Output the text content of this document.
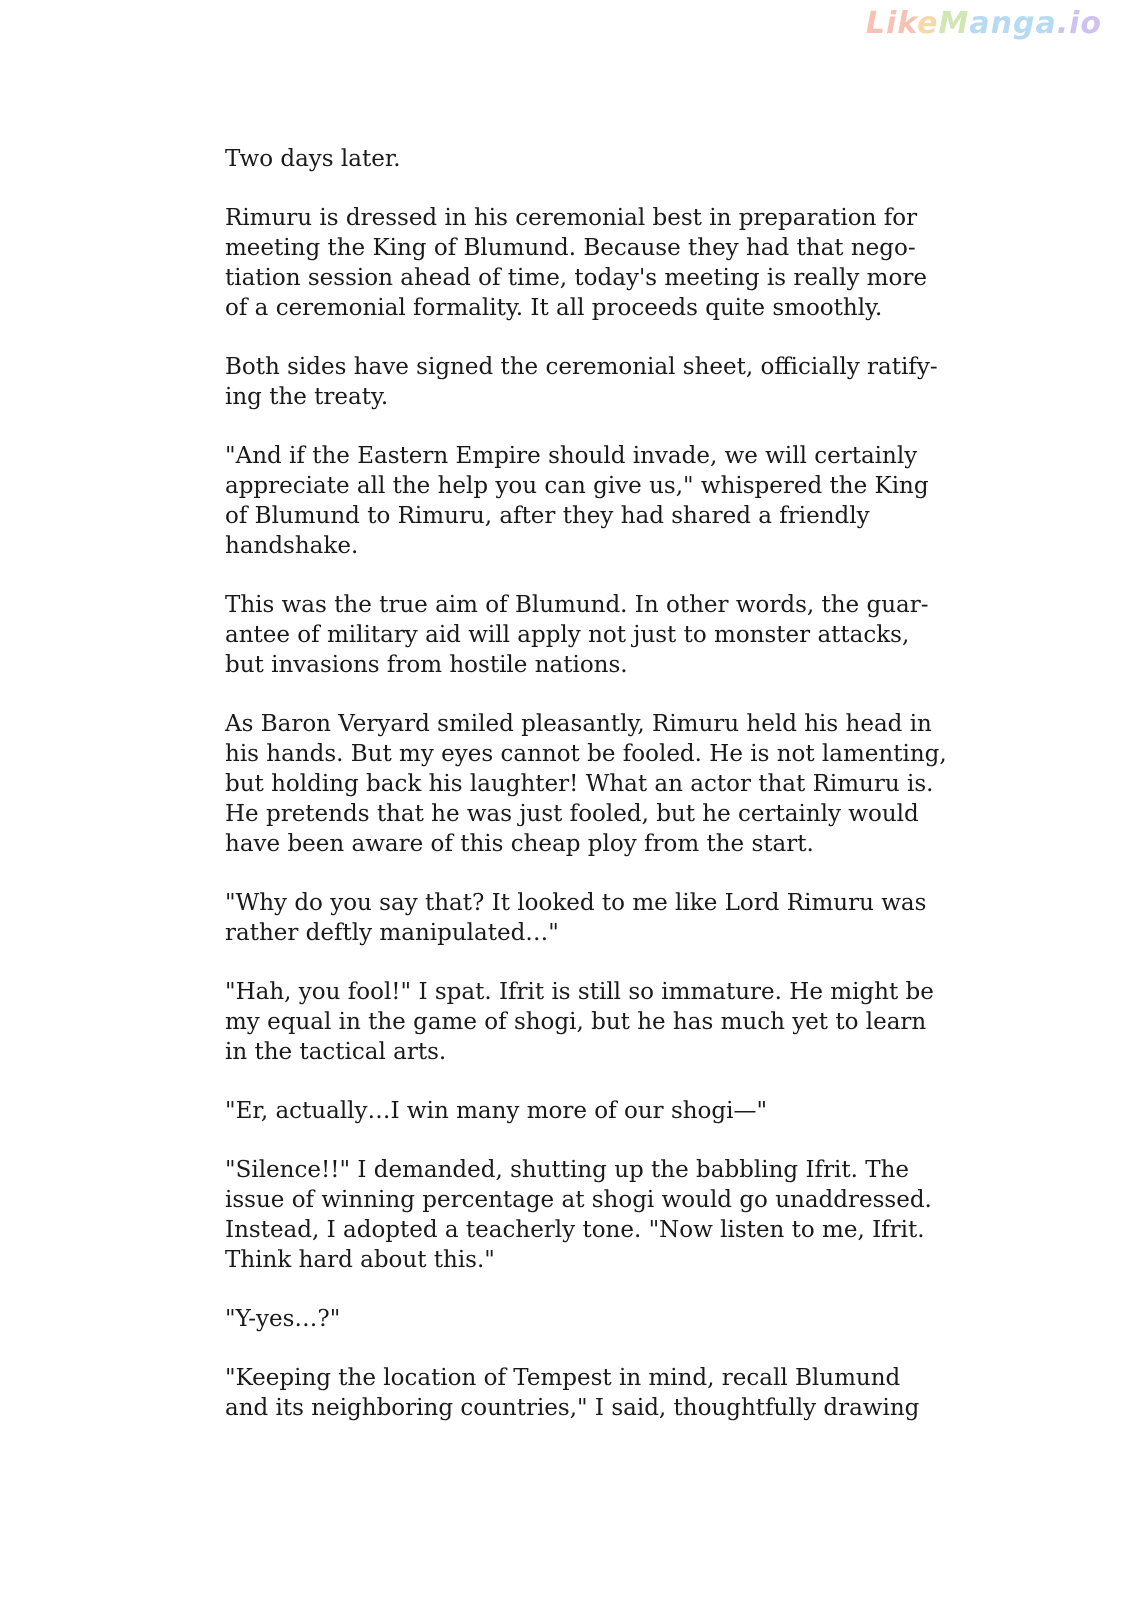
LikeManga.io
Two days later.
Rimuru is dressed in his ceremonial best in preparation for
meeting the King of Blumund. Because they had that nego-
tiation session ahead of time, today's meeting is really more
of a ceremonial formality. It all proceeds quite smoothly.
Both sides have signed the ceremonial sheet, officially ratify-
ing the treaty.
"And if the Eastern Empire should invade, we will certainly
appreciate all the help you can give us," whispered the King
of Blumund to Rimuru, after they had shared a friendly
handshake.
This was the true aim of Blumund. In other words, the guar-
antee of military aid will apply not just to monster attacks,
but invasions from hostile nations.
As Baron Veryard smiled pleasantly, Rimuru held his head in
his hands. But my eyes cannot be fooled. He is not lamenting,
but holding back his laughter! What an actor that Rimuru is.
He pretends that he was just fooled, but he certainly would
have been aware of this cheap ploy from the start.
"Why do you say that? It looked to me like Lord Rimuru was
rather deftly manipulated…"
"Hah, you fool!" I spat. Ifrit is still so immature. He might be
my equal in the game of shogi, but he has much yet to learn
in the tactical arts.
"Er, actually…I win many more of our shogi—"
"Silence!!" I demanded, shutting up the babbling Ifrit. The
issue of winning percentage at shogi would go unaddressed.
Instead, I adopted a teacherly tone. "Now listen to me, Ifrit.
Think hard about this."
"Y-yes…?"
"Keeping the location of Tempest in mind, recall Blumund
and its neighboring countries," I said, thoughtfully drawing
